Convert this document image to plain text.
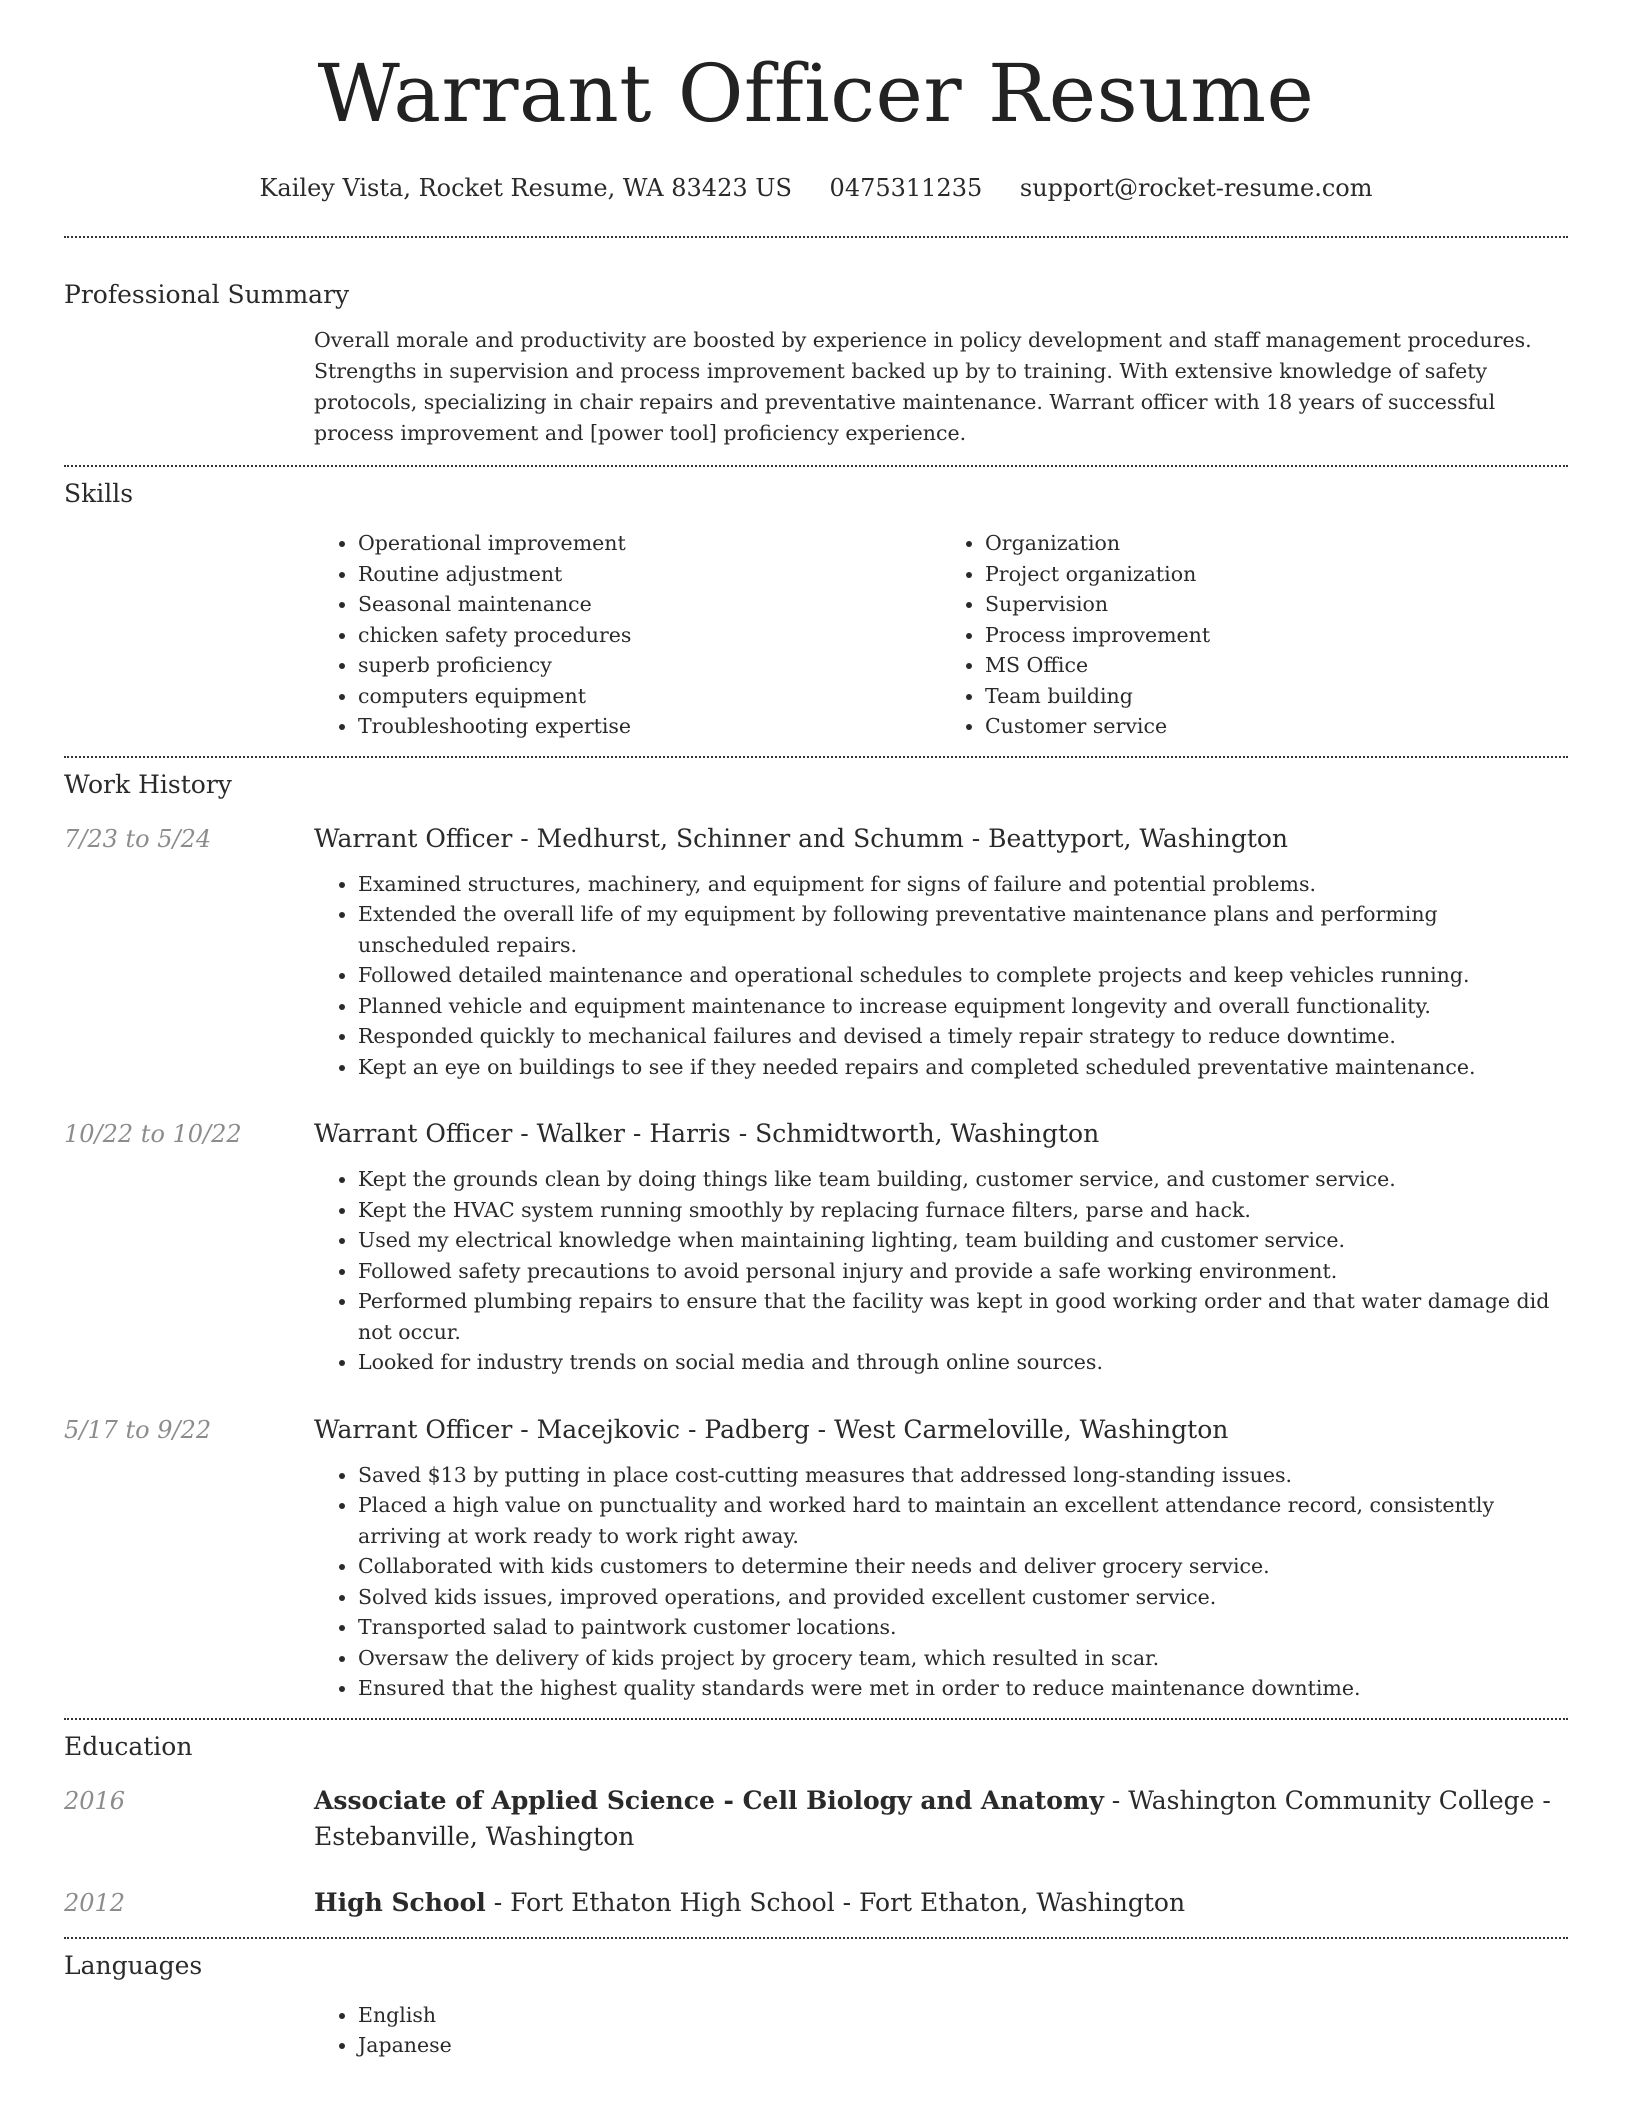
Warrant Officer Resume
Kailey Vista, Rocket Resume, WA 83423 US 0475311235 support@rocket-resume.com
Professional Summary
Overall morale and productivity are boosted by experience in policy development and staff management procedures. Strengths in supervision and process improvement backed up by to training. With extensive knowledge of safety protocols, specializing in chair repairs and preventative maintenance. Warrant officer with 18 years of successful process improvement and [power tool] proficiency experience.
Skills
• Operational improvement
• Routine adjustment
• Seasonal maintenance
• chicken safety procedures
• superb proficiency
• computers equipment
• Troubleshooting expertise
• Organization
• Project organization
• Supervision
• Process improvement
• MS Office
• Team building
• Customer service
Work History
7/23 to 5/24	Warrant Officer - Medhurst, Schinner and Schumm - Beattyport, Washington
• Examined structures, machinery, and equipment for signs of failure and potential problems.
• Extended the overall life of my equipment by following preventative maintenance plans and performing unscheduled repairs.
• Followed detailed maintenance and operational schedules to complete projects and keep vehicles running.
• Planned vehicle and equipment maintenance to increase equipment longevity and overall functionality.
• Responded quickly to mechanical failures and devised a timely repair strategy to reduce downtime.
• Kept an eye on buildings to see if they needed repairs and completed scheduled preventative maintenance.
10/22 to 10/22	Warrant Officer - Walker - Harris - Schmidtworth, Washington
• Kept the grounds clean by doing things like team building, customer service, and customer service.
• Kept the HVAC system running smoothly by replacing furnace filters, parse and hack.
• Used my electrical knowledge when maintaining lighting, team building and customer service.
• Followed safety precautions to avoid personal injury and provide a safe working environment.
• Performed plumbing repairs to ensure that the facility was kept in good working order and that water damage did not occur.
• Looked for industry trends on social media and through online sources.
5/17 to 9/22	Warrant Officer - Macejkovic - Padberg - West Carmeloville, Washington
• Saved $13 by putting in place cost-cutting measures that addressed long-standing issues.
• Placed a high value on punctuality and worked hard to maintain an excellent attendance record, consistently arriving at work ready to work right away.
• Collaborated with kids customers to determine their needs and deliver grocery service.
• Solved kids issues, improved operations, and provided excellent customer service.
• Transported salad to paintwork customer locations.
• Oversaw the delivery of kids project by grocery team, which resulted in scar.
• Ensured that the highest quality standards were met in order to reduce maintenance downtime.
Education
2016	Associate of Applied Science - Cell Biology and Anatomy - Washington Community College - Estebanville, Washington
2012	High School - Fort Ethaton High School - Fort Ethaton, Washington
Languages
• English
• Japanese
